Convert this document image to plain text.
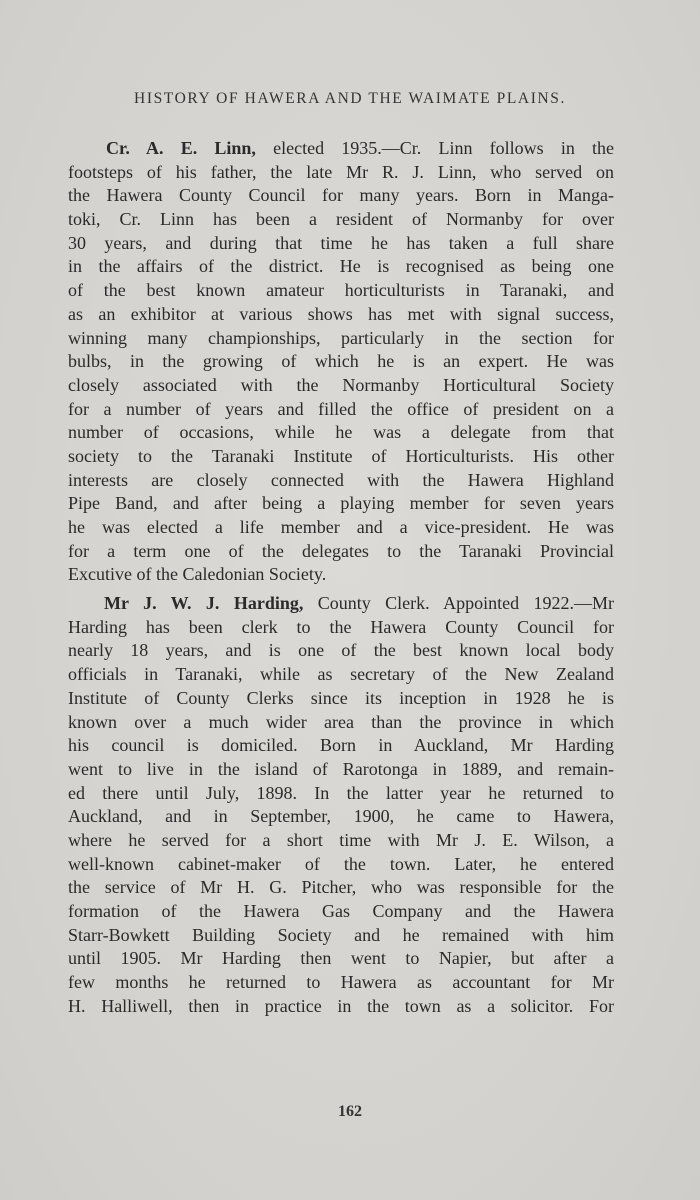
HISTORY OF HAWERA AND THE WAIMATE PLAINS.
Cr. A. E. Linn, elected 1935.—Cr. Linn follows in the
footsteps of his father, the late Mr R. J. Linn, who served on
the Hawera County Council for many years. Born in Manga-
toki, Cr. Linn has been a resident of Normanby for over
30 years, and during that time he has taken a full share
in the affairs of the district. He is recognised as being one
of the best known amateur horticulturists in Taranaki, and
as an exhibitor at various shows has met with signal success,
winning many championships, particularly in the section for
bulbs, in the growing of which he is an expert. He was
closely associated with the Normanby Horticultural Society
for a number of years and filled the office of president on a
number of occasions, while he was a delegate from that
society to the Taranaki Institute of Horticulturists. His other
interests are closely connected with the Hawera Highland
Pipe Band, and after being a playing member for seven years
he was elected a life member and a vice-president. He was
for a term one of the delegates to the Taranaki Provincial
Excutive of the Caledonian Society.
Mr J. W. J. Harding, County Clerk. Appointed 1922.—Mr
Harding has been clerk to the Hawera County Council for
nearly 18 years, and is one of the best known local body
officials in Taranaki, while as secretary of the New Zealand
Institute of County Clerks since its inception in 1928 he is
known over a much wider area than the province in which
his council is domiciled. Born in Auckland, Mr Harding
went to live in the island of Rarotonga in 1889, and remain-
ed there until July, 1898. In the latter year he returned to
Auckland, and in September, 1900, he came to Hawera,
where he served for a short time with Mr J. E. Wilson, a
well-known cabinet-maker of the town. Later, he entered
the service of Mr H. G. Pitcher, who was responsible for the
formation of the Hawera Gas Company and the Hawera
Starr-Bowkett Building Society and he remained with him
until 1905. Mr Harding then went to Napier, but after a
few months he returned to Hawera as accountant for Mr
H. Halliwell, then in practice in the town as a solicitor. For
162
